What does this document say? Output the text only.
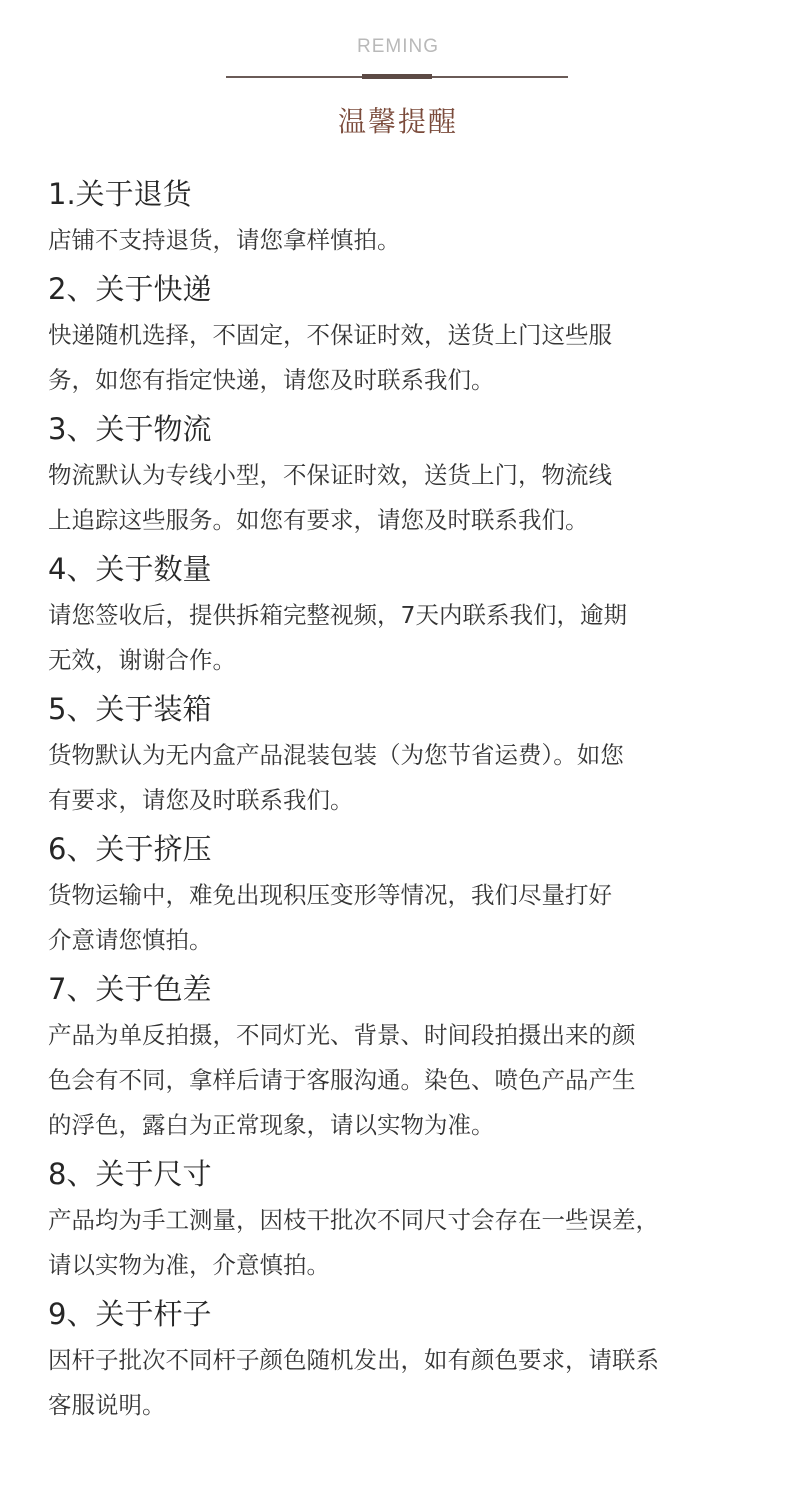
REMING
温馨提醒

1.关于退货

店铺不支持退货，请您拿样慎拍。

2、关于快递

快递随机选择，不固定，不保证时效，送货上门这些服

务，如您有指定快递，请您及时联系我们。

3、关于物流

物流默认为专线小型，不保证时效，送货上门，物流线

上追踪这些服务。如您有要求，请您及时联系我们。

4、关于数量

请您签收后，提供拆箱完整视频，7天内联系我们，逾期

无效，谢谢合作。

5、关于装箱

货物默认为无内盒产品混装包装（为您节省运费）。如您

有要求，请您及时联系我们。

6、关于挤压

货物运输中，难免出现积压变形等情况，我们尽量打好

介意请您慎拍。

7、关于色差

产品为单反拍摄，不同灯光、背景、时间段拍摄出来的颜

色会有不同，拿样后请于客服沟通。染色、喷色产品产生

的浮色，露白为正常现象，请以实物为准。

8、关于尺寸

产品均为手工测量，因枝干批次不同尺寸会存在一些误差，

请以实物为准，介意慎拍。

9、关于杆子

因杆子批次不同杆子颜色随机发出，如有颜色要求，请联系

客服说明。
